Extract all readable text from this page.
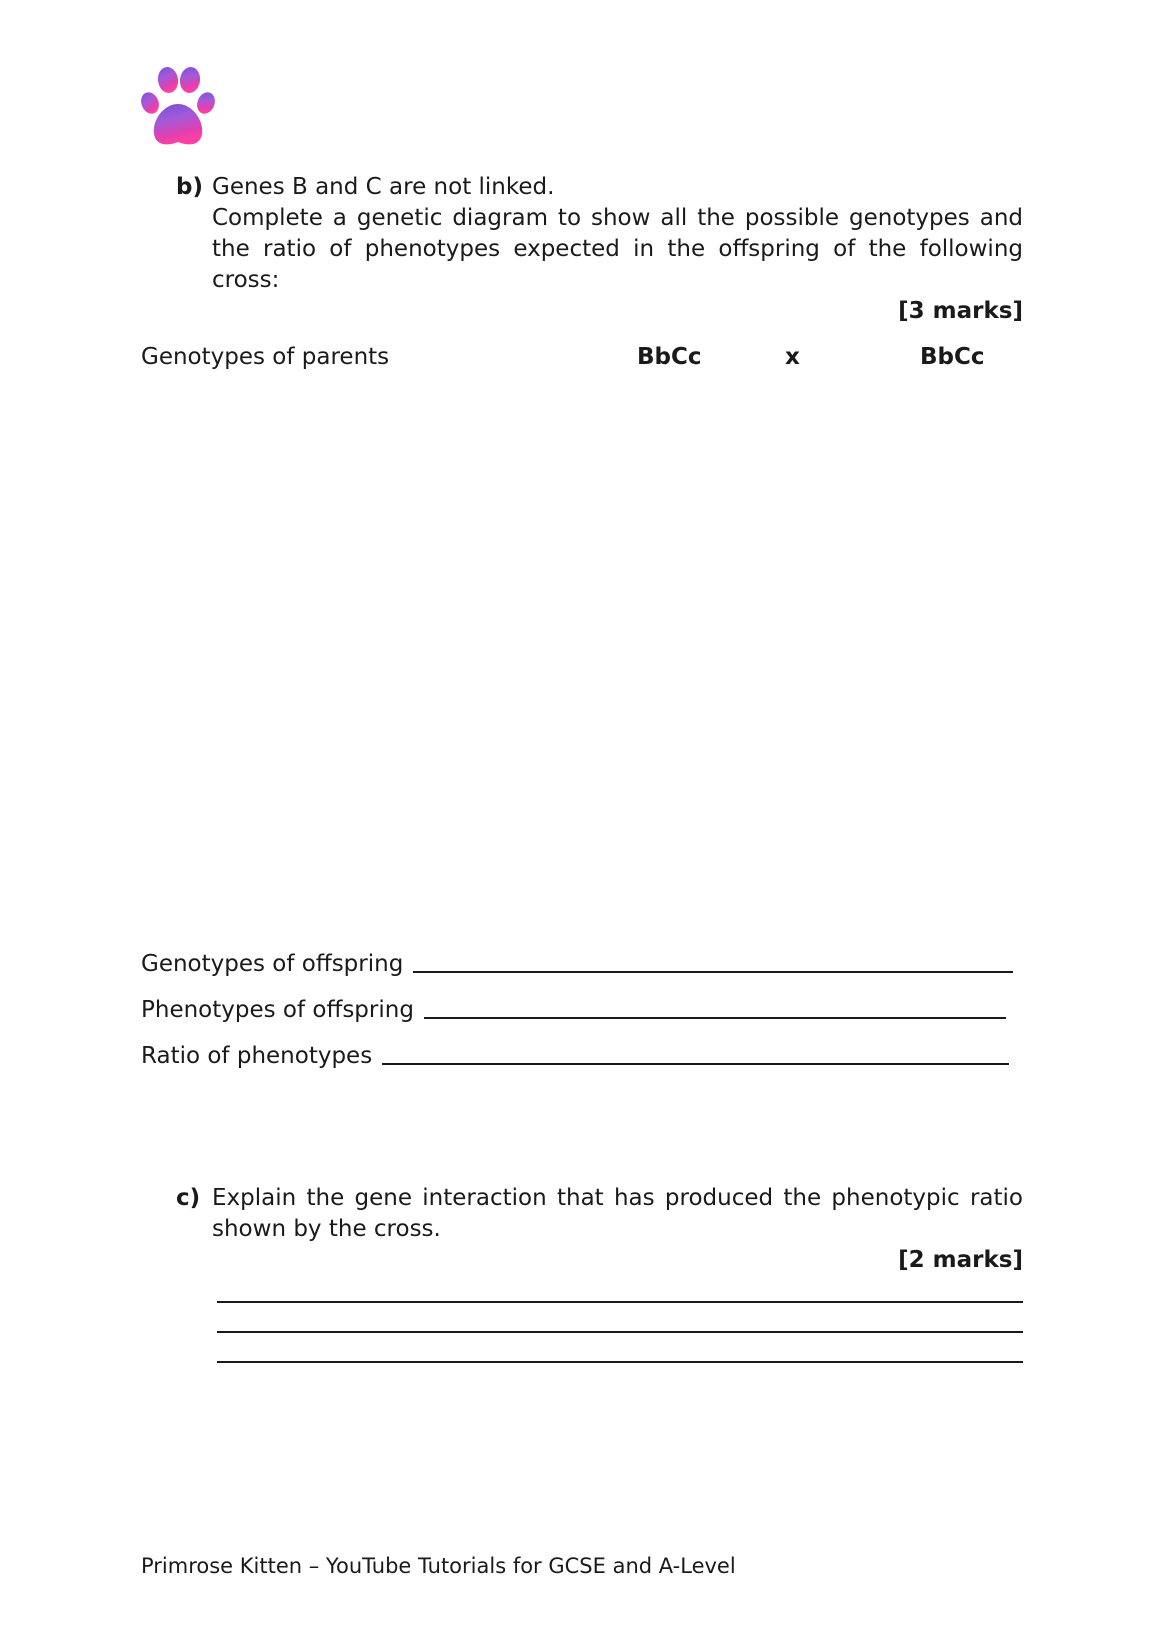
b) Genes B and C are not linked.
Complete a genetic diagram to show all the possible genotypes and
the ratio of phenotypes expected in the offspring of the following
cross:
[3 marks]
Genotypes of parents	BbCc	x	BbCc
Genotypes of offspring
Phenotypes of offspring
Ratio of phenotypes
c) Explain the gene interaction that has produced the phenotypic ratio
shown by the cross.
[2 marks]
Primrose Kitten – YouTube Tutorials for GCSE and A-Level
